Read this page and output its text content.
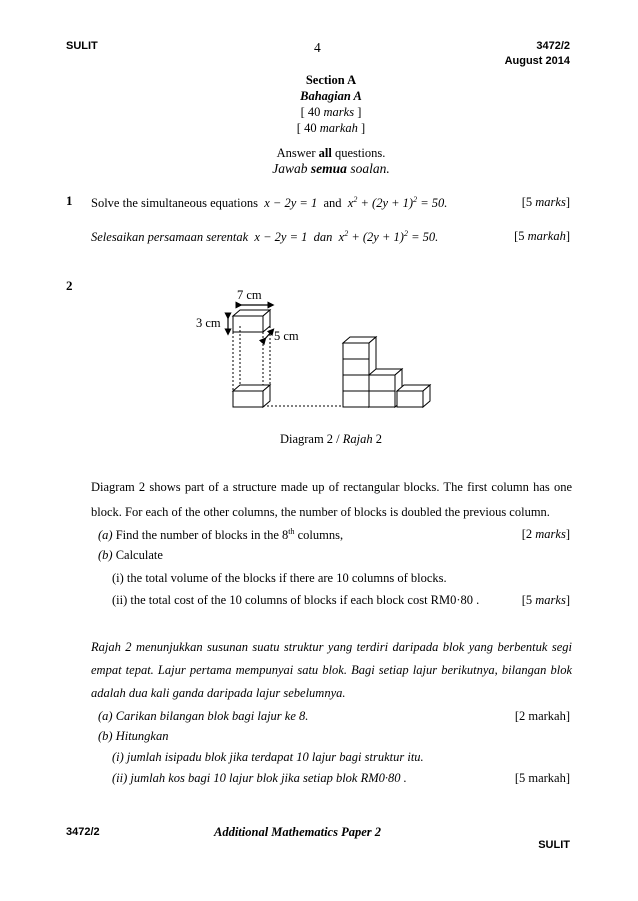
SULIT	4	3472/2
August 2014
Section A
Bahagian A
[ 40 marks ]
[ 40 markah ]
Answer all questions.
Jawab semua soalan.
1 Solve the simultaneous equations x − 2y = 1 and $x^2 + (2y + 1)^2 = 50$.	[5 marks]
Selesaikan persamaan serentak x − 2y = 1 dan $x^2 + (2y + 1)^2 = 50$.	[5 markah]
2
7 cm
3 cm
5 cm
Diagram 2 / Rajah 2
Diagram 2 shows part of a structure made up of rectangular blocks. The first column has one
block. For each of the other columns, the number of blocks is doubled the previous column.
(a) Find the number of blocks in the 8th columns,	[2 marks]
(b) Calculate
(i) the total volume of the blocks if there are 10 columns of blocks.
(ii) the total cost of the 10 columns of blocks if each block cost RM0·80 .	[5 marks]
Rajah 2 menunjukkan susunan suatu struktur yang terdiri daripada blok yang berbentuk segi
empat tepat. Lajur pertama mempunyai satu blok. Bagi setiap lajur berikutnya, bilangan blok
adalah dua kali ganda daripada lajur sebelumnya.
(a) Carikan bilangan blok bagi lajur ke 8.	[2 markah]
(b) Hitungkan
(i) jumlah isipadu blok jika terdapat 10 lajur bagi struktur itu.
(ii) jumlah kos bagi 10 lajur blok jika setiap blok RM0·80 .	[5 markah]
3472/2	Additional Mathematics Paper 2
SULIT
